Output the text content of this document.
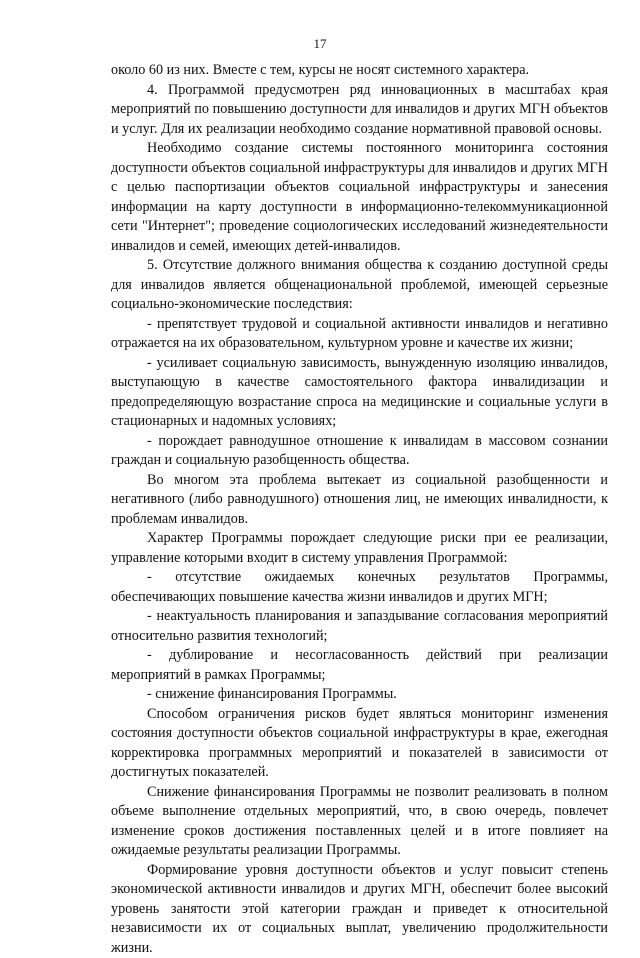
17

около 60 из них. Вместе с тем, курсы не носят системного характера.

4. Программой предусмотрен ряд инновационных в масштабах края мероприятий по повышению доступности для инвалидов и других МГН объектов и услуг. Для их реализации необходимо создание нормативной правовой основы.

Необходимо создание системы постоянного мониторинга состояния доступности объектов социальной инфраструктуры для инвалидов и других МГН с целью паспортизации объектов социальной инфраструктуры и занесения информации на карту доступности в информационно-телекоммуникационной сети "Интернет"; проведение социологических исследований жизнедеятельности инвалидов и семей, имеющих детей-инвалидов.

5. Отсутствие должного внимания общества к созданию доступной среды для инвалидов является общенациональной проблемой, имеющей серьезные социально-экономические последствия:

- препятствует трудовой и социальной активности инвалидов и негативно отражается на их образовательном, культурном уровне и качестве их жизни;

- усиливает социальную зависимость, вынужденную изоляцию инвалидов, выступающую в качестве самостоятельного фактора инвалидизации и предопределяющую возрастание спроса на медицинские и социальные услуги в стационарных и надомных условиях;

- порождает равнодушное отношение к инвалидам в массовом сознании граждан и социальную разобщенность общества.

Во многом эта проблема вытекает из социальной разобщенности и негативного (либо равнодушного) отношения лиц, не имеющих инвалидности, к проблемам инвалидов.

Характер Программы порождает следующие риски при ее реализации, управление которыми входит в систему управления Программой:

- отсутствие ожидаемых конечных результатов Программы, обеспечивающих повышение качества жизни инвалидов и других МГН;

- неактуальность планирования и запаздывание согласования мероприятий относительно развития технологий;

- дублирование и несогласованность действий при реализации мероприятий в рамках Программы;

- снижение финансирования Программы.

Способом ограничения рисков будет являться мониторинг изменения состояния доступности объектов социальной инфраструктуры в крае, ежегодная корректировка программных мероприятий и показателей в зависимости от достигнутых показателей.

Снижение финансирования Программы не позволит реализовать в полном объеме выполнение отдельных мероприятий, что, в свою очередь, повлечет изменение сроков достижения поставленных целей и в итоге повлияет на ожидаемые результаты реализации Программы.

Формирование уровня доступности объектов и услуг повысит степень экономической активности инвалидов и других МГН, обеспечит более высокий уровень занятости этой категории граждан и приведет к относительной независимости их от социальных выплат, увеличению продолжительности жизни.
